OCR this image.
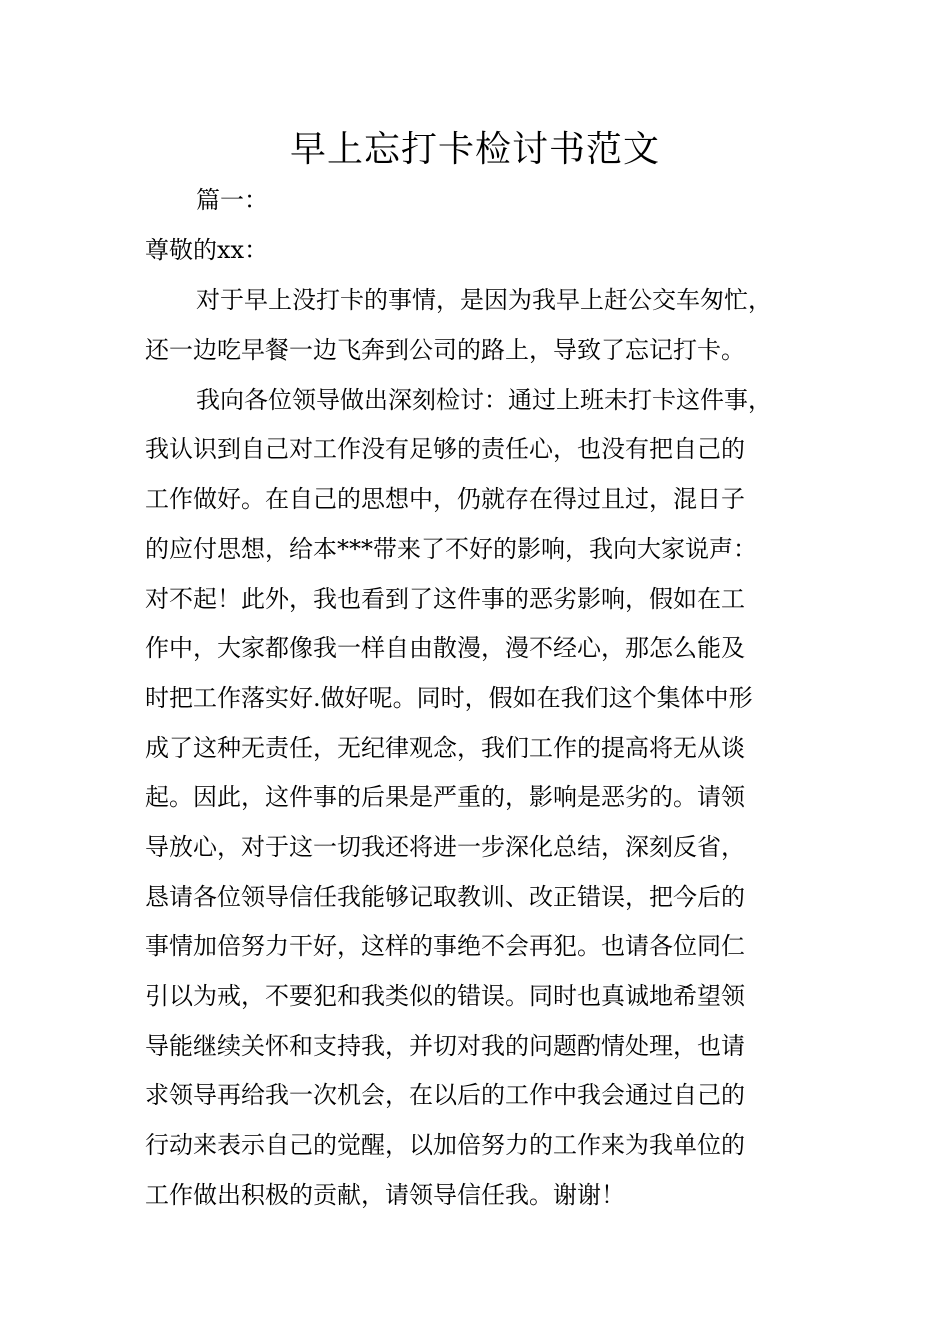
早上忘打卡检讨书范文
篇一：
尊敬的xx：
对于早上没打卡的事情，是因为我早上赶公交车匆忙，
还一边吃早餐一边飞奔到公司的路上，导致了忘记打卡。
我向各位领导做出深刻检讨：通过上班未打卡这件事，
我认识到自己对工作没有足够的责任心，也没有把自己的
工作做好。在自己的思想中，仍就存在得过且过，混日子
的应付思想，给本***带来了不好的影响，我向大家说声：
对不起！此外，我也看到了这件事的恶劣影响，假如在工
作中，大家都像我一样自由散漫，漫不经心，那怎么能及
时把工作落实好.做好呢。同时，假如在我们这个集体中形
成了这种无责任，无纪律观念，我们工作的提高将无从谈
起。因此，这件事的后果是严重的，影响是恶劣的。请领
导放心，对于这一切我还将进一步深化总结，深刻反省，
恳请各位领导信任我能够记取教训、改正错误，把今后的
事情加倍努力干好，这样的事绝不会再犯。也请各位同仁
引以为戒，不要犯和我类似的错误。同时也真诚地希望领
导能继续关怀和支持我，并切对我的问题酌情处理，也请
求领导再给我一次机会，在以后的工作中我会通过自己的
行动来表示自己的觉醒，以加倍努力的工作来为我单位的
工作做出积极的贡献，请领导信任我。谢谢！
